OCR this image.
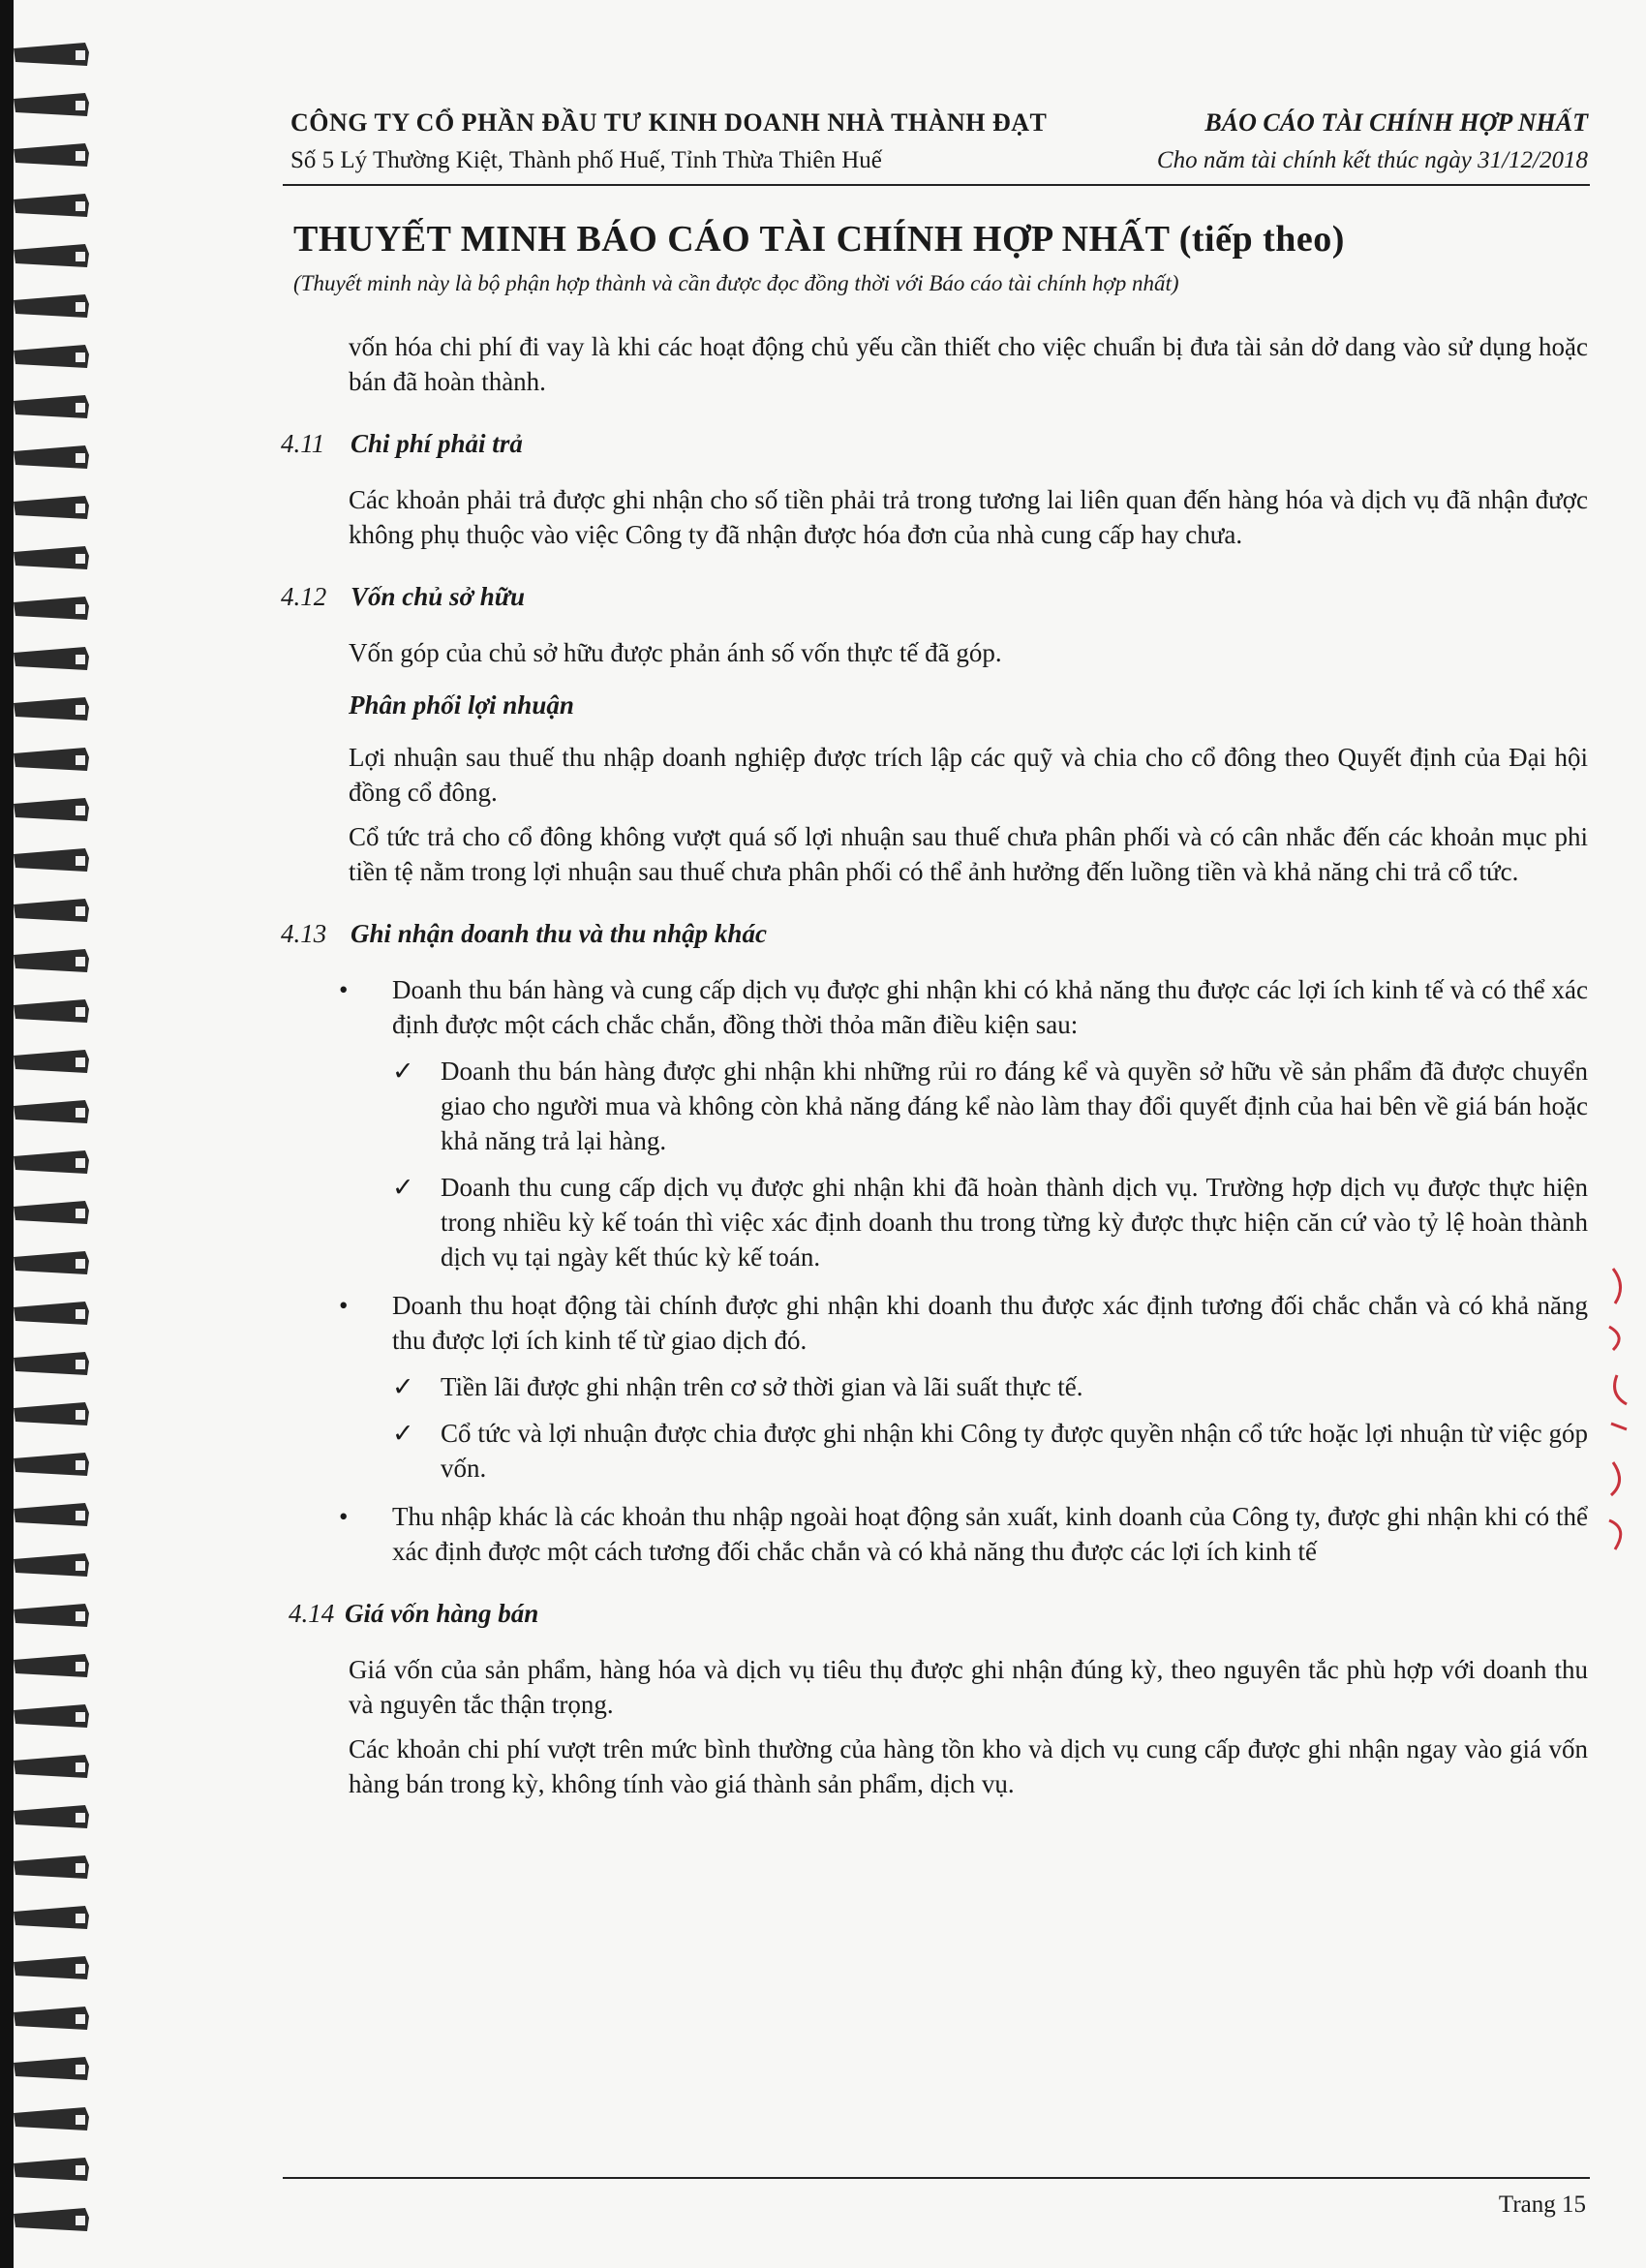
CÔNG TY CỔ PHẦN ĐẦU TƯ KINH DOANH NHÀ THÀNH ĐẠT
Số 5 Lý Thường Kiệt, Thành phố Huế, Tỉnh Thừa Thiên Huế
BÁO CÁO TÀI CHÍNH HỢP NHẤT
Cho năm tài chính kết thúc ngày 31/12/2018
THUYẾT MINH BÁO CÁO TÀI CHÍNH HỢP NHẤT (tiếp theo)
(Thuyết minh này là bộ phận hợp thành và cần được đọc đồng thời với Báo cáo tài chính hợp nhất)

vốn hóa chi phí đi vay là khi các hoạt động chủ yếu cần thiết cho việc chuẩn bị đưa tài sản dở dang vào sử dụng hoặc bán đã hoàn thành.

4.11 Chi phí phải trả

Các khoản phải trả được ghi nhận cho số tiền phải trả trong tương lai liên quan đến hàng hóa và dịch vụ đã nhận được không phụ thuộc vào việc Công ty đã nhận được hóa đơn của nhà cung cấp hay chưa.

4.12 Vốn chủ sở hữu

Vốn góp của chủ sở hữu được phản ánh số vốn thực tế đã góp.

Phân phối lợi nhuận

Lợi nhuận sau thuế thu nhập doanh nghiệp được trích lập các quỹ và chia cho cổ đông theo Quyết định của Đại hội đồng cổ đông.

Cổ tức trả cho cổ đông không vượt quá số lợi nhuận sau thuế chưa phân phối và có cân nhắc đến các khoản mục phi tiền tệ nằm trong lợi nhuận sau thuế chưa phân phối có thể ảnh hưởng đến luồng tiền và khả năng chi trả cổ tức.

4.13 Ghi nhận doanh thu và thu nhập khác
• Doanh thu bán hàng và cung cấp dịch vụ được ghi nhận khi có khả năng thu được các lợi ích kinh tế và có thể xác định được một cách chắc chắn, đồng thời thỏa mãn điều kiện sau:
✓ Doanh thu bán hàng được ghi nhận khi những rủi ro đáng kể và quyền sở hữu về sản phẩm đã được chuyển giao cho người mua và không còn khả năng đáng kể nào làm thay đổi quyết định của hai bên về giá bán hoặc khả năng trả lại hàng.
✓ Doanh thu cung cấp dịch vụ được ghi nhận khi đã hoàn thành dịch vụ. Trường hợp dịch vụ được thực hiện trong nhiều kỳ kế toán thì việc xác định doanh thu trong từng kỳ được thực hiện căn cứ vào tỷ lệ hoàn thành dịch vụ tại ngày kết thúc kỳ kế toán.
• Doanh thu hoạt động tài chính được ghi nhận khi doanh thu được xác định tương đối chắc chắn và có khả năng thu được lợi ích kinh tế từ giao dịch đó.
✓ Tiền lãi được ghi nhận trên cơ sở thời gian và lãi suất thực tế.
✓ Cổ tức và lợi nhuận được chia được ghi nhận khi Công ty được quyền nhận cổ tức hoặc lợi nhuận từ việc góp vốn.
• Thu nhập khác là các khoản thu nhập ngoài hoạt động sản xuất, kinh doanh của Công ty, được ghi nhận khi có thể xác định được một cách tương đối chắc chắn và có khả năng thu được các lợi ích kinh tế
4.14 Giá vốn hàng bán

Giá vốn của sản phẩm, hàng hóa và dịch vụ tiêu thụ được ghi nhận đúng kỳ, theo nguyên tắc phù hợp với doanh thu và nguyên tắc thận trọng.

Các khoản chi phí vượt trên mức bình thường của hàng tồn kho và dịch vụ cung cấp được ghi nhận ngay vào giá vốn hàng bán trong kỳ, không tính vào giá thành sản phẩm, dịch vụ.

Trang 15
